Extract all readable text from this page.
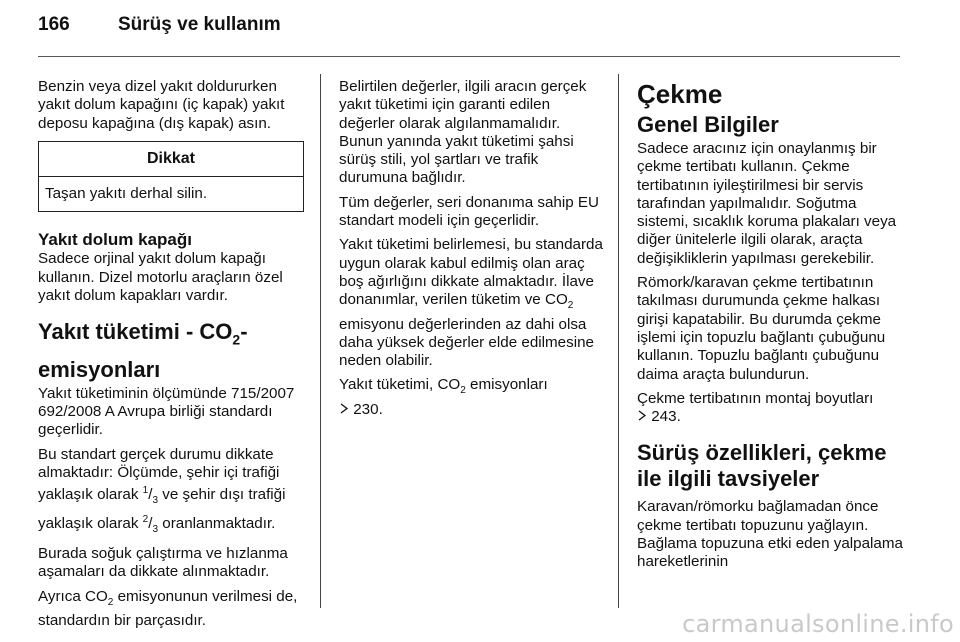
166	Sürüş ve kullanım

Benzin veya dizel yakıt doldururken yakıt dolum kapağını (iç kapak) yakıt deposu kapağına (dış kapak) asın.

Dikkat
Taşan yakıtı derhal silin.
Yakıt dolum kapağı

Sadece orjinal yakıt dolum kapağı kullanın. Dizel motorlu araçların özel yakıt dolum kapakları vardır.

Yakıt tüketimi - $CO_2-$
emisyonları

Yakıt tüketiminin ölçümünde 715/2007 692/2008 A Avrupa birliği standardı geçerlidir.

Bu standart gerçek durumu dikkate almaktadır: Ölçümde, şehir içi trafiği yaklaşık olarak $^1/_3$ ve şehir dışı trafiği yaklaşık olarak $^2/_3$ oranlanmaktadır.

Burada soğuk çalıştırma ve hızlanma aşamaları da dikkate alınmaktadır.

Ayrıca $CO_2$ emisyonunun verilmesi de, standardın bir parçasıdır.

Belirtilen değerler, ilgili aracın gerçek yakıt tüketimi için garanti edilen değerler olarak algılanmamalıdır. Bunun yanında yakıt tüketimi şahsi sürüş stili, yol şartları ve trafik durumuna bağlıdır.

Tüm değerler, seri donanıma sahip EU standart modeli için geçerlidir.

Yakıt tüketimi belirlemesi, bu standarda uygun olarak kabul edilmiş olan araç boş ağırlığını dikkate almaktadır. İlave donanımlar, verilen tüketim ve $CO_2$ emisyonu değerlerinden az dahi olsa daha yüksek değerler elde edilmesine neden olabilir.

Yakıt tüketimi, $CO_2$ emisyonları
230.

Çekme
Genel Bilgiler

Sadece aracınız için onaylanmış bir çekme tertibatı kullanın. Çekme tertibatının iyileştirilmesi bir servis tarafından yapılmalıdır. Soğutma sistemi, sıcaklık koruma plakaları veya diğer ünitelerle ilgili olarak, araçta değişikliklerin yapılması gerekebilir.

Römork/karavan çekme tertibatının takılması durumunda çekme halkası girişi kapatabilir. Bu durumda çekme işlemi için topuzlu bağlantı çubuğunu kullanın. Topuzlu bağlantı çubuğunu daima araçta bulundurun.

Çekme tertibatının montaj boyutları
243.

Sürüş özellikleri, çekme ile ilgili tavsiyeler

Karavan/römorku bağlamadan önce çekme tertibatı topuzunu yağlayın. Bağlama topuzuna etki eden yalpalama hareketlerinin

carmanualsonline.info
